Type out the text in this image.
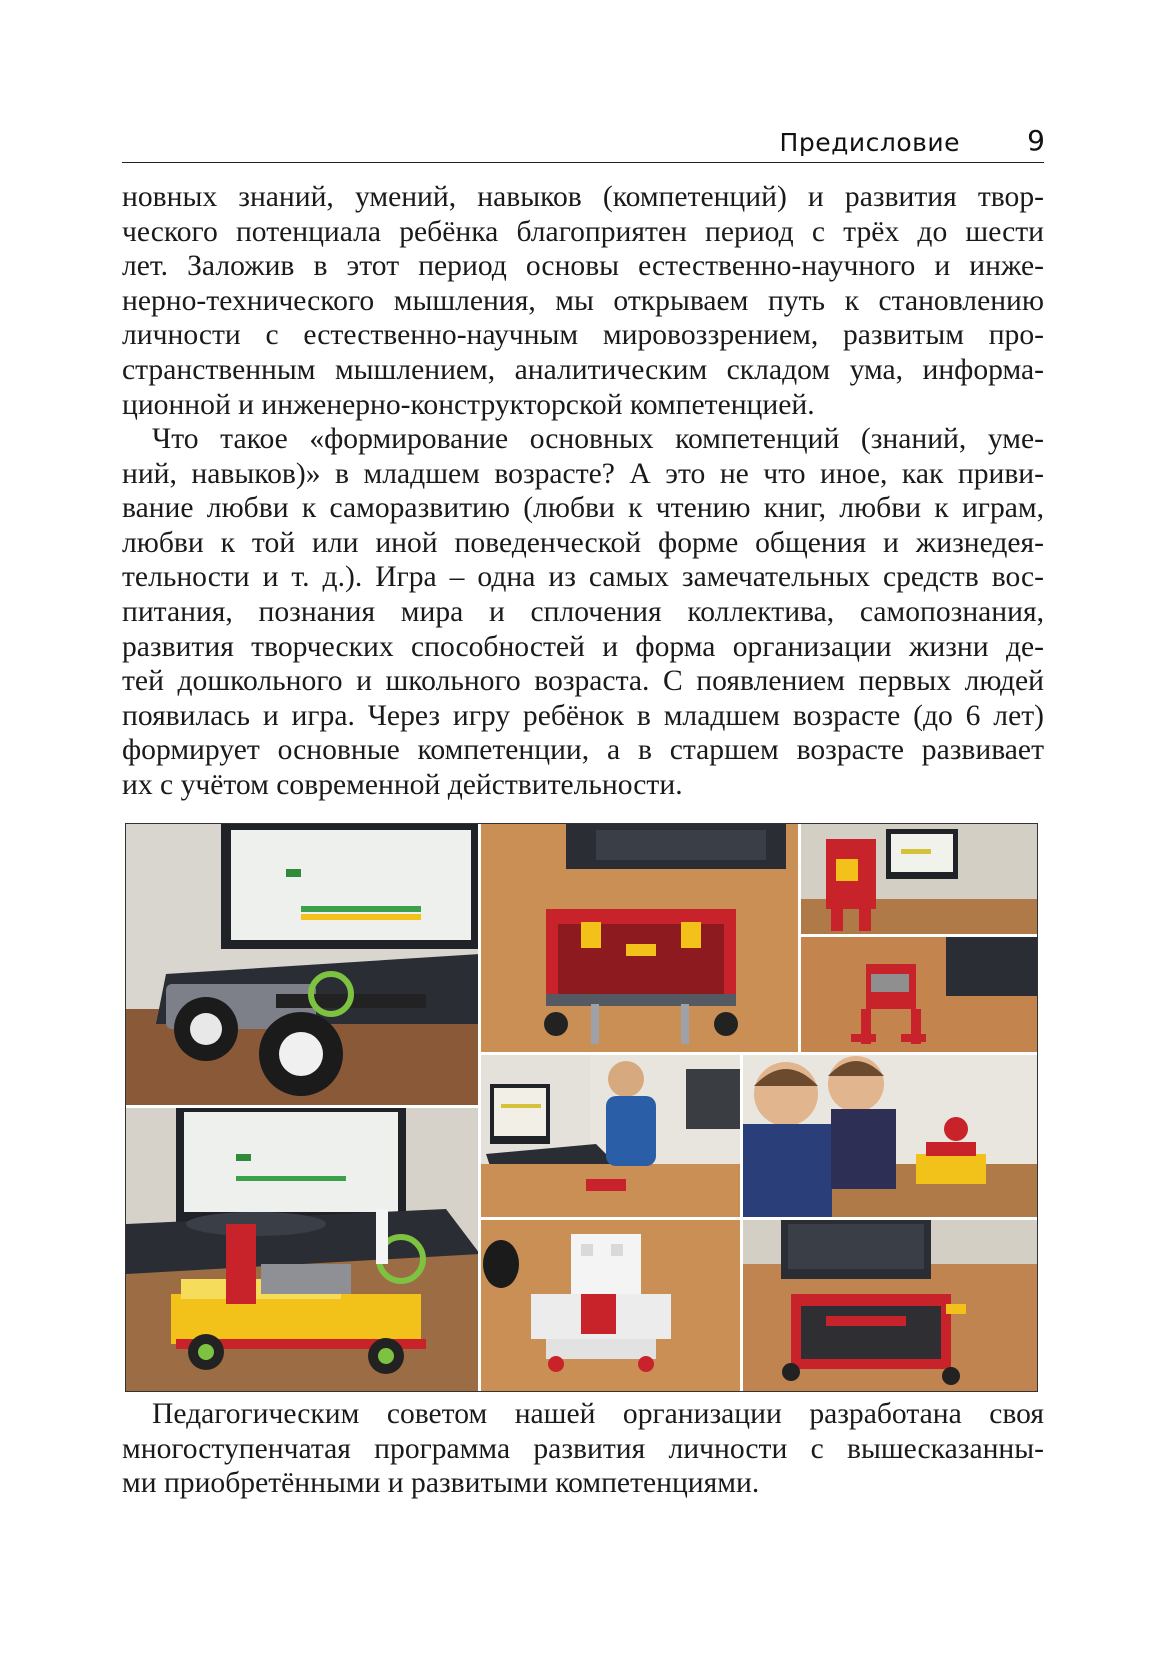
Предисловие	9
новных знаний, умений, навыков (компетенций) и развития твор-
ческого потенциала ребёнка благоприятен период с трёх до шести
лет. Заложив в этот период основы естественно-научного и инже-
нерно-технического мышления, мы открываем путь к становлению
личности с естественно-научным мировоззрением, развитым про-
странственным мышлением, аналитическим складом ума, информа-
ционной и инженерно-конструкторской компетенцией.
Что такое «формирование основных компетенций (знаний, уме-
ний, навыков)» в младшем возрасте? А это не что иное, как приви-
вание любви к саморазвитию (любви к чтению книг, любви к играм,
любви к той или иной поведенческой форме общения и жизнедея-
тельности и т. д.). Игра – одна из самых замечательных средств вос-
питания, познания мира и сплочения коллектива, самопознания,
развития творческих способностей и форма организации жизни де-
тей дошкольного и школьного возраста. С появлением первых людей
появилась и игра. Через игру ребёнок в младшем возрасте (до 6 лет)
формирует основные компетенции, а в старшем возрасте развивает
их с учётом современной действительности.
Педагогическим советом нашей организации разработана своя
многоступенчатая программа развития личности с вышесказанны-
ми приобретёнными и развитыми компетенциями.
